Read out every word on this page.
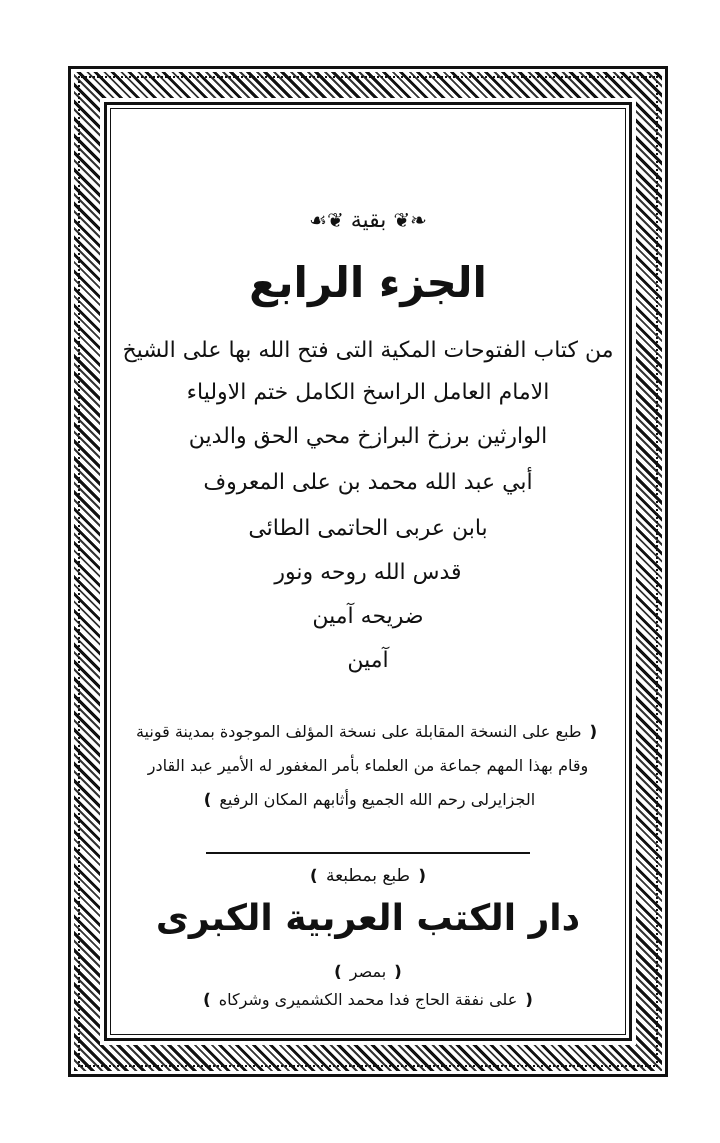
❧❦ بقية ❦☙
الجزء الرابع
من كتاب الفتوحات المكية التى فتح الله بها على الشيخ
الامام العامل الراسخ الكامل ختم الاولياء
الوارثين برزخ البرازخ محي الحق والدين
أبي عبد الله محمد بن على المعروف
بابن عربى الحاتمى الطائى
قدس الله روحه ونور
ضريحه آمين
آمين
❪ طبع على النسخة المقابلة على نسخة المؤلف الموجودة بمدينة قونية
وقام بهذا المهم جماعة من العلماء بأمر المغفور له الأمير عبد القادر
الجزايرلى رحم الله الجميع وأثابهم المكان الرفيع ❫
❪ طبع بمطبعة ❫
دار الكتب العربية الكبرى
❪ بمصر ❫
❪ على نفقة الحاج فدا محمد الكشميرى وشركاه ❫
